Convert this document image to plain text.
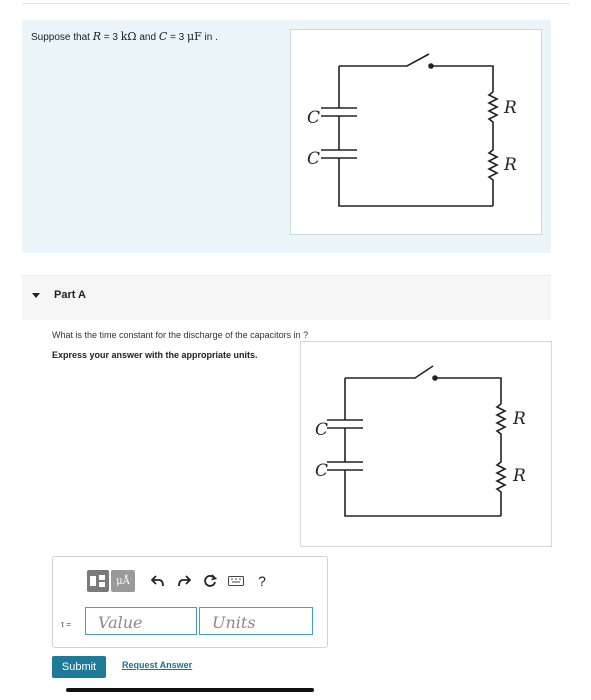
Suppose that R = 3 kΩ and C = 3 μF in .
C
C
R
R
Part A
What is the time constant for the discharge of the capacitors in ?
Express your answer with the appropriate units.
C
C
R
R
μÅ	?
τ =	Value	Units
Submit	Request Answer
